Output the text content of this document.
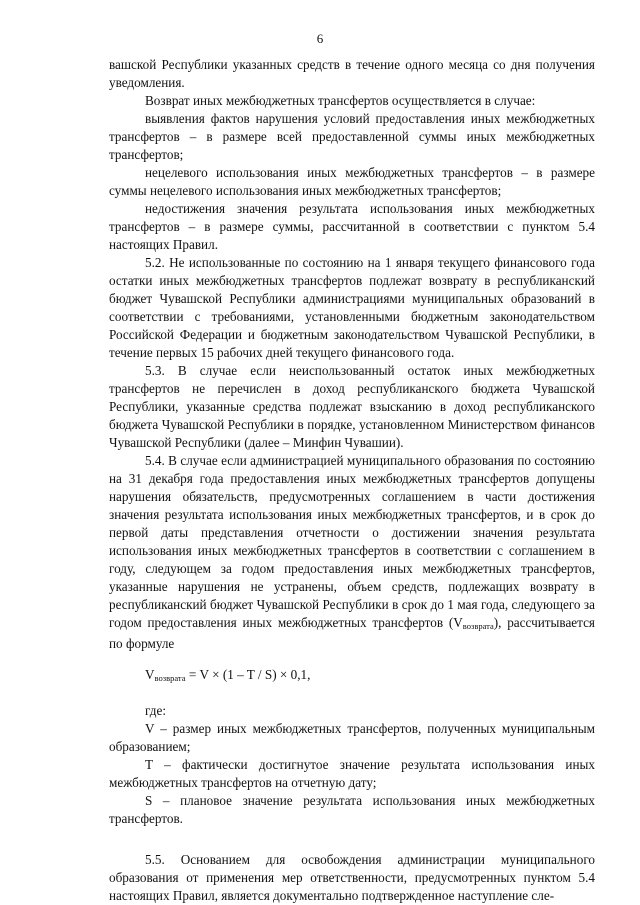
6

вашской Республики указанных средств в течение одного месяца со дня получения уведомления.

Возврат иных межбюджетных трансфертов осуществляется в случае:

выявления фактов нарушения условий предоставления иных межбюджетных трансфертов – в размере всей предоставленной суммы иных межбюджетных трансфертов;

нецелевого использования иных межбюджетных трансфертов – в размере суммы нецелевого использования иных межбюджетных трансфертов;

недостижения значения результата использования иных межбюджетных трансфертов – в размере суммы, рассчитанной в соответствии с пунктом 5.4 настоящих Правил.

5.2. Не использованные по состоянию на 1 января текущего финансового года остатки иных межбюджетных трансфертов подлежат возврату в республиканский бюджет Чувашской Республики администрациями муниципальных образований в соответствии с требованиями, установленными бюджетным законодательством Российской Федерации и бюджетным законодательством Чувашской Республики, в течение первых 15 рабочих дней текущего финансового года.

5.3. В случае если неиспользованный остаток иных межбюджетных трансфертов не перечислен в доход республиканского бюджета Чувашской Республики, указанные средства подлежат взысканию в доход республиканского бюджета Чувашской Республики в порядке, установленном Министерством финансов Чувашской Республики (далее – Минфин Чувашии).

5.4. В случае если администрацией муниципального образования по состоянию на 31 декабря года предоставления иных межбюджетных трансфертов допущены нарушения обязательств, предусмотренных соглашением в части достижения значения результата использования иных межбюджетных трансфертов, и в срок до первой даты представления отчетности о достижении значения результата использования иных межбюджетных трансфертов в соответствии с соглашением в году, следующем за годом предоставления иных межбюджетных трансфертов, указанные нарушения не устранены, объем средств, подлежащих возврату в республиканский бюджет Чувашской Республики в срок до 1 мая года, следующего за годом предоставления иных межбюджетных трансфертов $(V_{возврата})$, рассчитывается по формуле

$V_{возврата} = V \times (1 - T / S) \times 0,1$,

где:

V – размер иных межбюджетных трансфертов, полученных муниципальным образованием;

T – фактически достигнутое значение результата использования иных межбюджетных трансфертов на отчетную дату;

S – плановое значение результата использования иных межбюджетных трансфертов.

5.5. Основанием для освобождения администрации муниципального образования от применения мер ответственности, предусмотренных пунктом 5.4 настоящих Правил, является документально подтвержденное наступление сле-
